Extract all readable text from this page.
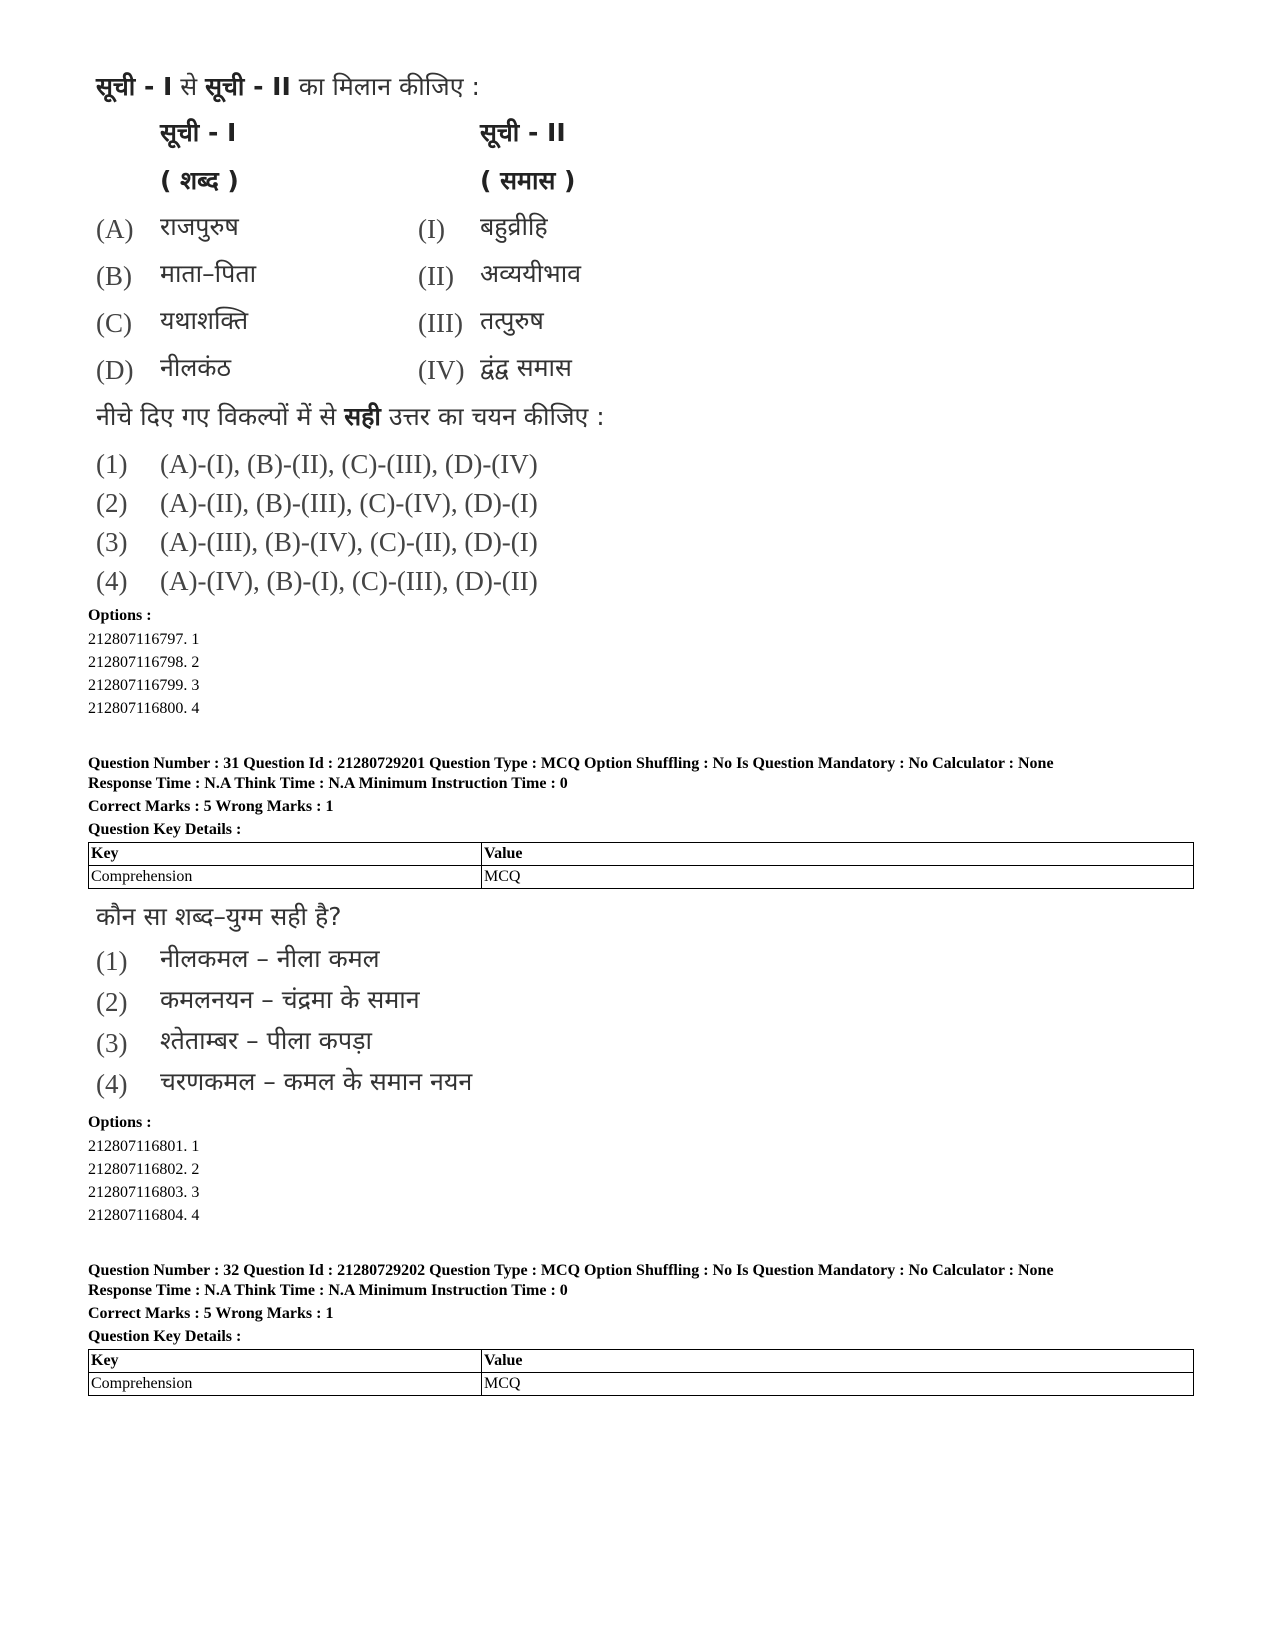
सूची - I से सूची - II का मिलान कीजिए :
सूची - I	सूची - II
( शब्द )	( समास )
(A) राजपुरुष	(I) बहुव्रीहि
(B) माता–पिता	(II) अव्ययीभाव
(C) यथाशक्ति	(III) तत्पुरुष
(D) नीलकंठ	(IV) द्वंद्व समास
नीचे दिए गए विकल्पों में से सही उत्तर का चयन कीजिए :
(1) (A)-(I), (B)-(II), (C)-(III), (D)-(IV)
(2) (A)-(II), (B)-(III), (C)-(IV), (D)-(I)
(3) (A)-(III), (B)-(IV), (C)-(II), (D)-(I)
(4) (A)-(IV), (B)-(I), (C)-(III), (D)-(II)
Options :
212807116797. 1
212807116798. 2
212807116799. 3
212807116800. 4
Question Number : 31 Question Id : 21280729201 Question Type : MCQ Option Shuffling : No Is Question Mandatory : No Calculator : None
Response Time : N.A Think Time : N.A Minimum Instruction Time : 0
Correct Marks : 5 Wrong Marks : 1
Question Key Details :
Key	Value
Comprehension	MCQ
कौन सा शब्द–युग्म सही है?
(1) नीलकमल – नीला कमल
(2) कमलनयन – चंद्रमा के समान
(3) श्तेताम्बर – पीला कपड़ा
(4) चरणकमल – कमल के समान नयन
Options :
212807116801. 1
212807116802. 2
212807116803. 3
212807116804. 4
Question Number : 32 Question Id : 21280729202 Question Type : MCQ Option Shuffling : No Is Question Mandatory : No Calculator : None
Response Time : N.A Think Time : N.A Minimum Instruction Time : 0
Correct Marks : 5 Wrong Marks : 1
Question Key Details :
Key	Value
Comprehension	MCQ
